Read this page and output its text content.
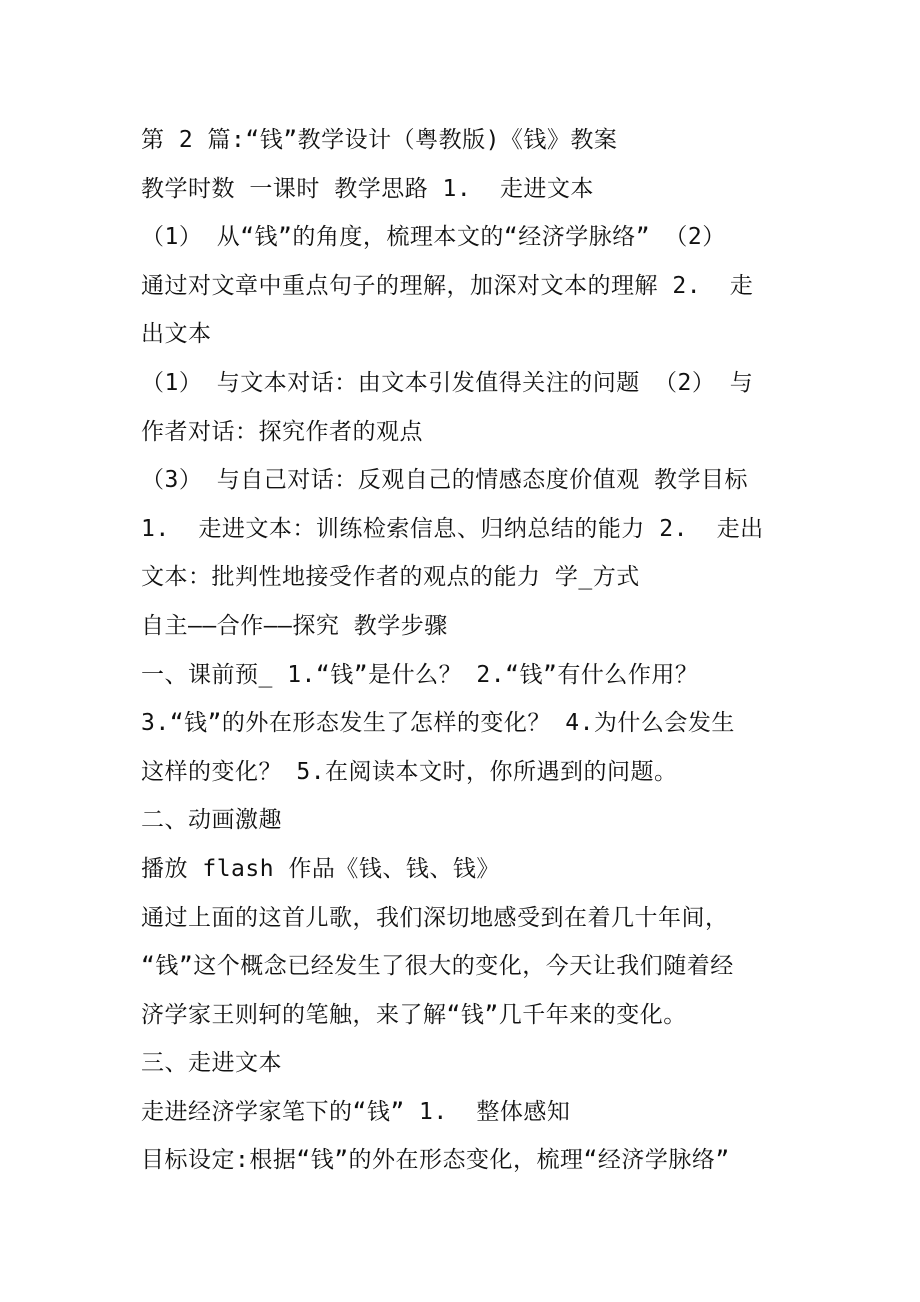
第 2 篇:“钱”教学设计（粤教版)《钱》教案
教学时数 一课时 教学思路 1.  走进文本
（1） 从“钱”的角度，梳理本文的“经济学脉络” （2）
通过对文章中重点句子的理解，加深对文本的理解 2.  走
出文本
（1） 与文本对话：由文本引发值得关注的问题 （2） 与
作者对话：探究作者的观点
（3） 与自己对话：反观自己的情感态度价值观 教学目标
1.  走进文本：训练检索信息、归纳总结的能力 2.  走出
文本：批判性地接受作者的观点的能力 学_方式
自主——合作——探究 教学步骤
一、课前预_ 1.“钱”是什么？ 2.“钱”有什么作用？
3.“钱”的外在形态发生了怎样的变化？ 4.为什么会发生
这样的变化？ 5.在阅读本文时，你所遇到的问题。
二、动画激趣
播放 flash 作品《钱、钱、钱》
通过上面的这首儿歌，我们深切地感受到在着几十年间，
“钱”这个概念已经发生了很大的变化，今天让我们随着经
济学家王则轲的笔触，来了解“钱”几千年来的变化。
三、走进文本
走进经济学家笔下的“钱” 1.  整体感知
目标设定:根据“钱”的外在形态变化，梳理“经济学脉络”
